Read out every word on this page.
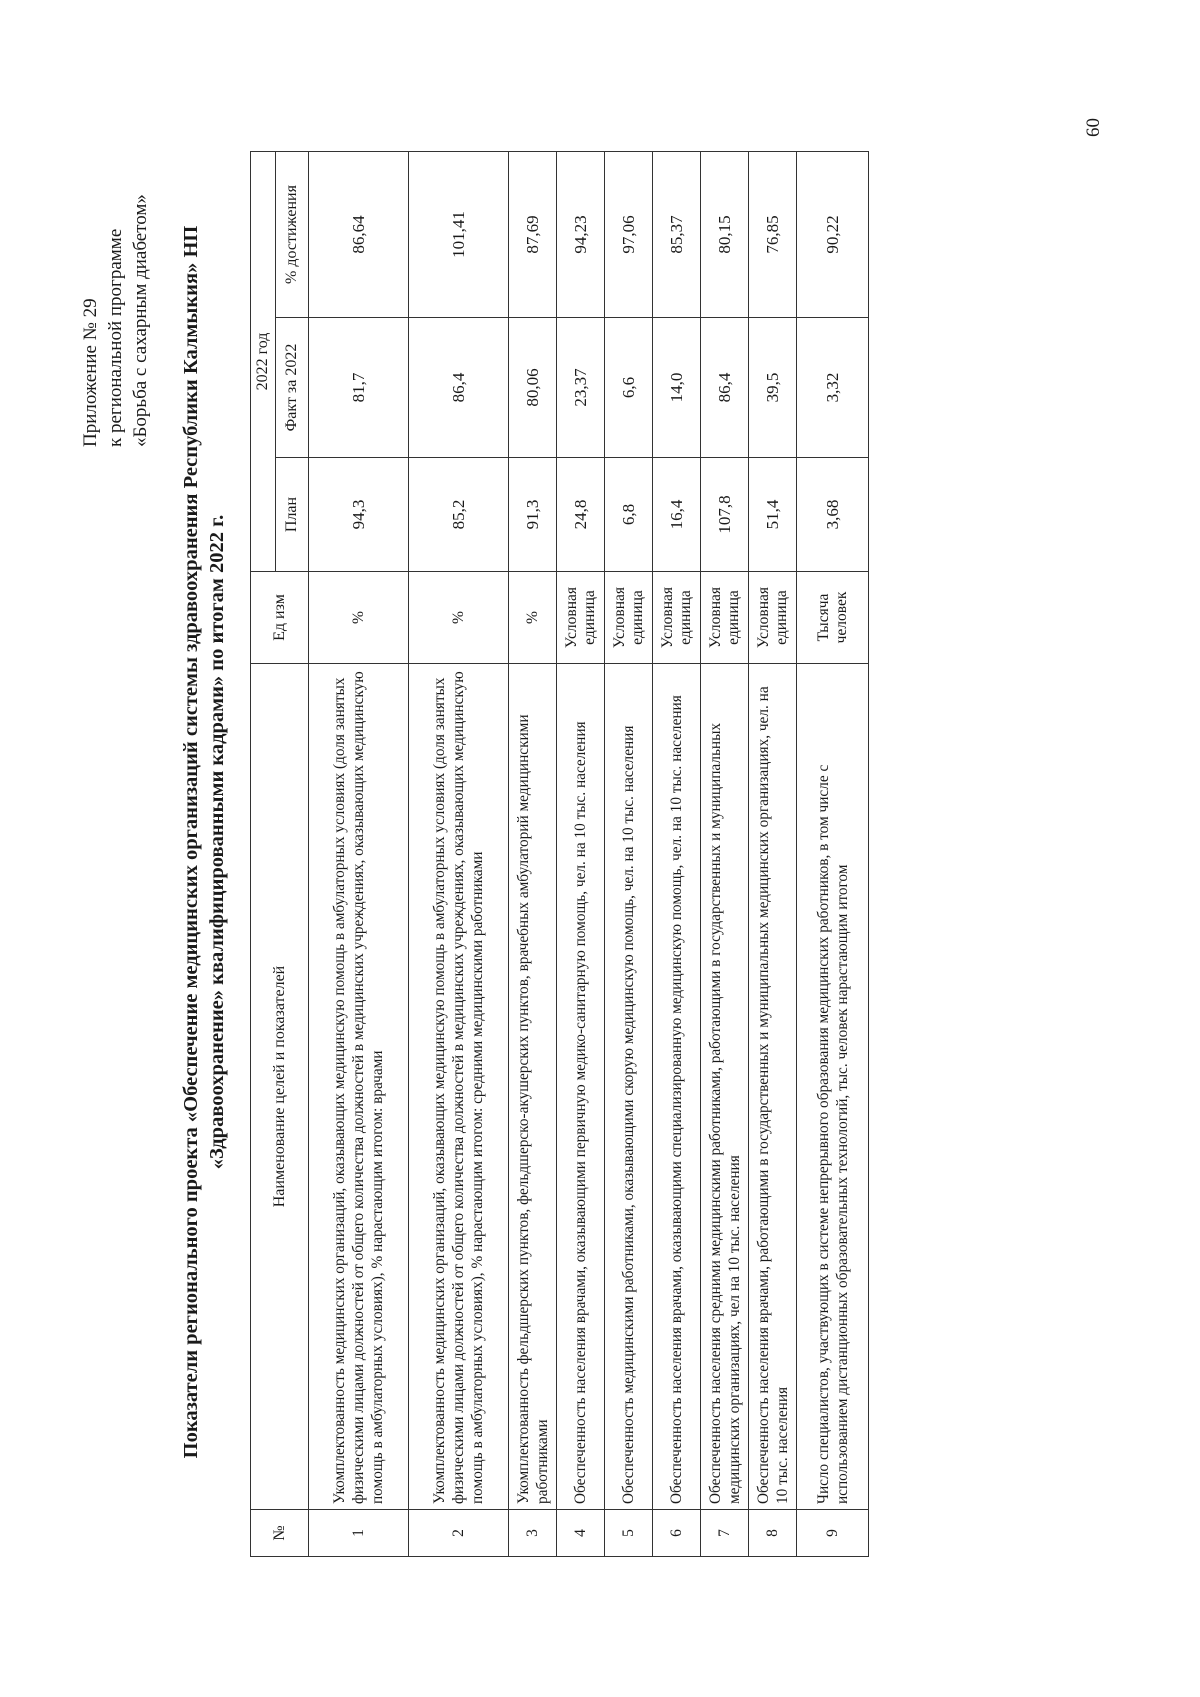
Приложение № 29 к региональной программе «Борьба с сахарным диабетом» Показатели регионального проекта «Обеспечение медицинских организаций системы здравоохранения Республики Калмыкия» НП «Здравоохранение» квалифицированными кадрами» по итогам 2022 г.

№	Наименование целей и показателей	Ед изм	2022 год		
			План	Факт за 2022	% достижения
1	Укомплектованность медицинских организаций, оказывающих медицинскую помощь в амбулаторных условиях (доля занятых физическими лицами должностей от общего количества должностей в медицинских учреждениях, оказывающих медицинскую помощь в амбулаторных условиях), % нарастающим итогом: врачами	%	94,3	81,7	86,64
2	Укомплектованность медицинских организаций, оказывающих медицинскую помощь в амбулаторных условиях (доля занятых физическими лицами должностей от общего количества должностей в медицинских учреждениях, оказывающих медицинскую помощь в амбулаторных условиях), % нарастающим итогом: средними медицинскими работниками	%	85,2	86,4	101,41
3	Укомплектованность фельдшерских пунктов, фельдшерско-акушерских пунктов, врачебных амбулаторий медицинскими работниками	%	91,3	80,06	87,69
4	Обеспеченность населения врачами, оказывающими первичную медико-санитарную помощь, чел. на 10 тыс. населения	Условная единица	24,8	23,37	94,23
5	Обеспеченность медицинскими работниками, оказывающими скорую медицинскую помощь, чел. на 10 тыс. населения	Условная единица	6,8	6,6	97,06
6	Обеспеченность населения врачами, оказывающими специализированную медицинскую помощь, чел. на 10 тыс. населения	Условная единица	16,4	14,0	85,37
7	Обеспеченность населения средними медицинскими работниками, работающими в государственных и муниципальных медицинских организациях, чел на 10 тыс. населения	Условная единица	107,8	86,4	80,15
8	Обеспеченность населения врачами, работающими в государственных и муниципальных медицинских организациях, чел. на 10 тыс. населения	Условная единица	51,4	39,5	76,85
9	Число специалистов, участвующих в системе непрерывного образования медицинских работников, в том числе с использованием дистанционных образовательных технологий, тыс. человек нарастающим итогом	Тысяча человек	3,68	3,32	90,22
60
